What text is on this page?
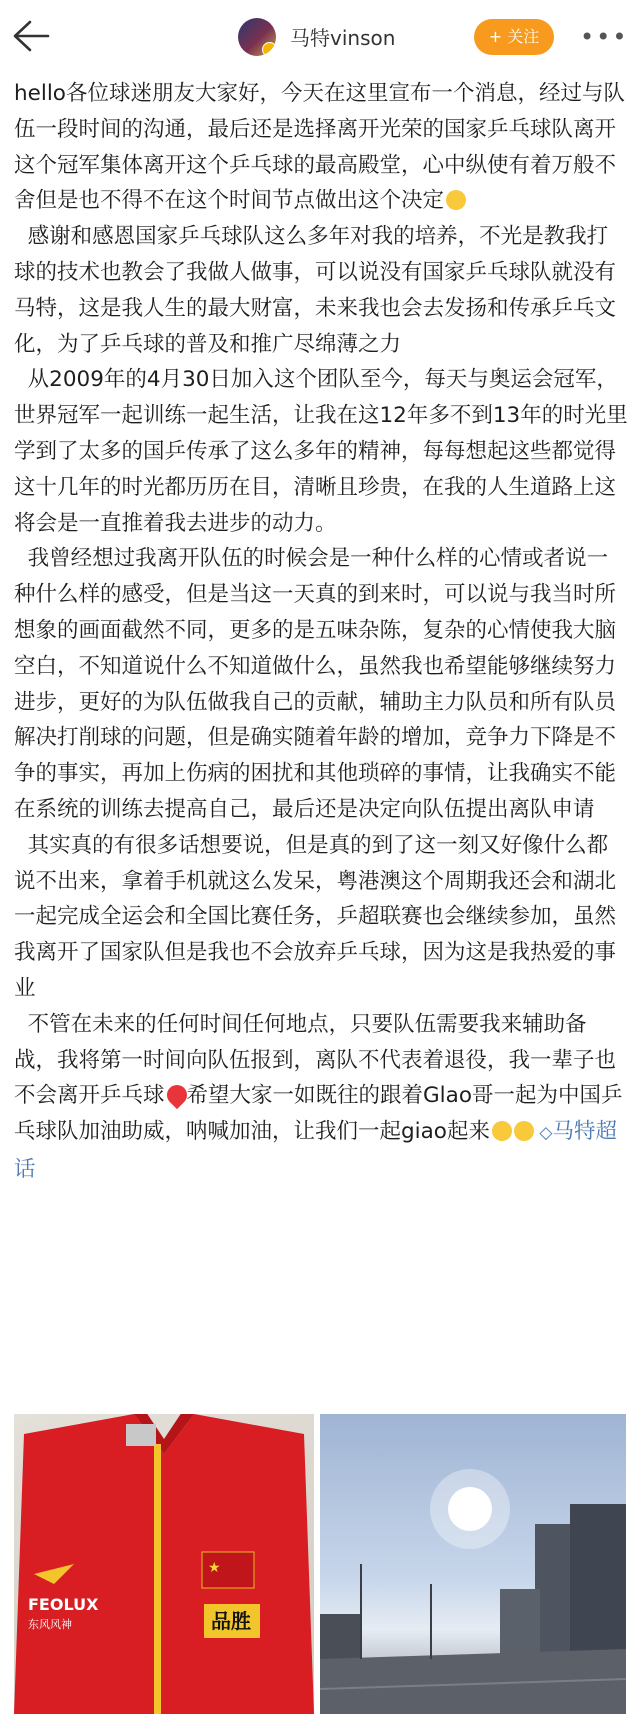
马特vinson	+ 关注	•••

hello各位球迷朋友大家好，今天在这里宣布一个消息，经过与队伍一段时间的沟通，最后还是选择离开光荣的国家乒乓球队离开这个冠军集体离开这个乒乓球的最高殿堂，心中纵使有着万般不舍但是也不得不在这个时间节点做出这个决定

感谢和感恩国家乒乓球队这么多年对我的培养，不光是教我打球的技术也教会了我做人做事，可以说没有国家乒乓球队就没有马特，这是我人生的最大财富，未来我也会去发扬和传承乒乓文化，为了乒乓球的普及和推广尽绵薄之力

从2009年的4月30日加入这个团队至今，每天与奥运会冠军，世界冠军一起训练一起生活，让我在这12年多不到13年的时光里学到了太多的国乒传承了这么多年的精神，每每想起这些都觉得这十几年的时光都历历在目，清晰且珍贵，在我的人生道路上这将会是一直推着我去进步的动力。

我曾经想过我离开队伍的时候会是一种什么样的心情或者说一种什么样的感受，但是当这一天真的到来时，可以说与我当时所想象的画面截然不同，更多的是五味杂陈，复杂的心情使我大脑空白，不知道说什么不知道做什么，虽然我也希望能够继续努力进步，更好的为队伍做我自己的贡献，辅助主力队员和所有队员解决打削球的问题，但是确实随着年龄的增加，竞争力下降是不争的事实，再加上伤病的困扰和其他琐碎的事情，让我确实不能在系统的训练去提高自己，最后还是决定向队伍提出离队申请

其实真的有很多话想要说，但是真的到了这一刻又好像什么都说不出来，拿着手机就这么发呆，粤港澳这个周期我还会和湖北一起完成全运会和全国比赛任务，乒超联赛也会继续参加，虽然我离开了国家队但是我也不会放弃乒乓球，因为这是我热爱的事业

不管在未来的任何时间任何地点，只要队伍需要我来辅助备战，我将第一时间向队伍报到，离队不代表着退役，我一辈子也不会离开乒乓球 希望大家一如既往的跟着Glao哥一起为中国乒乓球队加油助威，呐喊加油，让我们一起giao起来	◇马特超话

★
品胜
FEOLUX
东风风神
